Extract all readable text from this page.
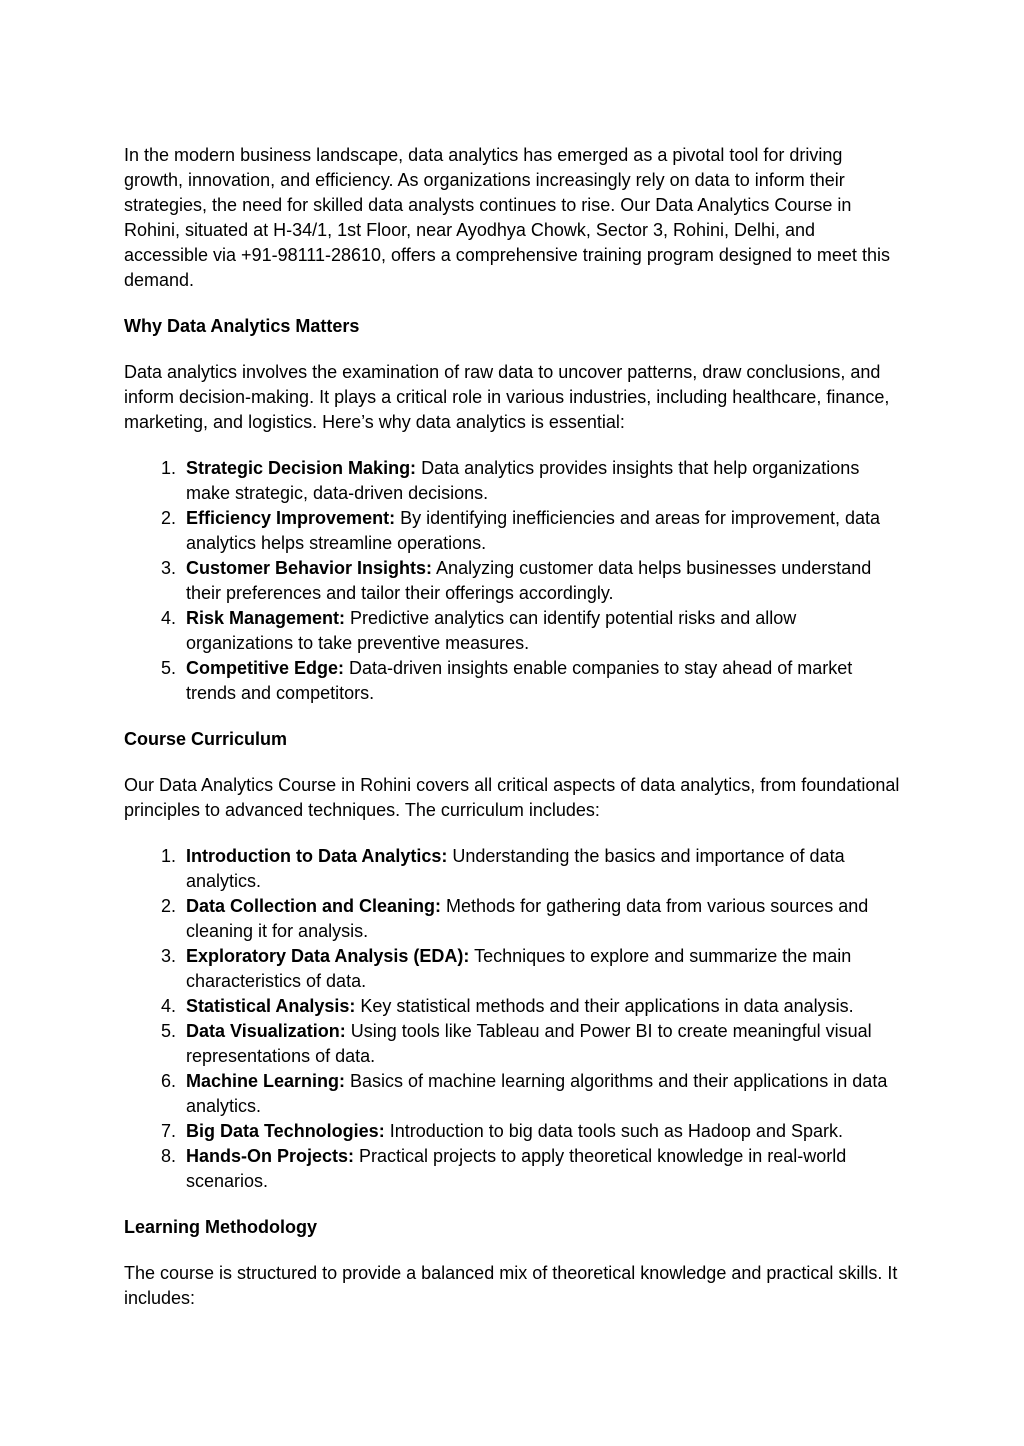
In the modern business landscape, data analytics has emerged as a pivotal tool for driving growth, innovation, and efficiency. As organizations increasingly rely on data to inform their strategies, the need for skilled data analysts continues to rise. Our Data Analytics Course in Rohini, situated at H-34/1, 1st Floor, near Ayodhya Chowk, Sector 3, Rohini, Delhi, and accessible via +91-98111-28610, offers a comprehensive training program designed to meet this demand.

Why Data Analytics Matters

Data analytics involves the examination of raw data to uncover patterns, draw conclusions, and inform decision-making. It plays a critical role in various industries, including healthcare, finance, marketing, and logistics. Here’s why data analytics is essential:

1. Strategic Decision Making: Data analytics provides insights that help organizations make strategic, data-driven decisions.
2. Efficiency Improvement: By identifying inefficiencies and areas for improvement, data analytics helps streamline operations.
3. Customer Behavior Insights: Analyzing customer data helps businesses understand their preferences and tailor their offerings accordingly.
4. Risk Management: Predictive analytics can identify potential risks and allow organizations to take preventive measures.
5. Competitive Edge: Data-driven insights enable companies to stay ahead of market trends and competitors.

Course Curriculum

Our Data Analytics Course in Rohini covers all critical aspects of data analytics, from foundational principles to advanced techniques. The curriculum includes:

1. Introduction to Data Analytics: Understanding the basics and importance of data analytics.
2. Data Collection and Cleaning: Methods for gathering data from various sources and cleaning it for analysis.
3. Exploratory Data Analysis (EDA): Techniques to explore and summarize the main characteristics of data.
4. Statistical Analysis: Key statistical methods and their applications in data analysis.
5. Data Visualization: Using tools like Tableau and Power BI to create meaningful visual representations of data.
6. Machine Learning: Basics of machine learning algorithms and their applications in data analytics.
7. Big Data Technologies: Introduction to big data tools such as Hadoop and Spark.
8. Hands-On Projects: Practical projects to apply theoretical knowledge in real-world scenarios.

Learning Methodology

The course is structured to provide a balanced mix of theoretical knowledge and practical skills. It includes:
